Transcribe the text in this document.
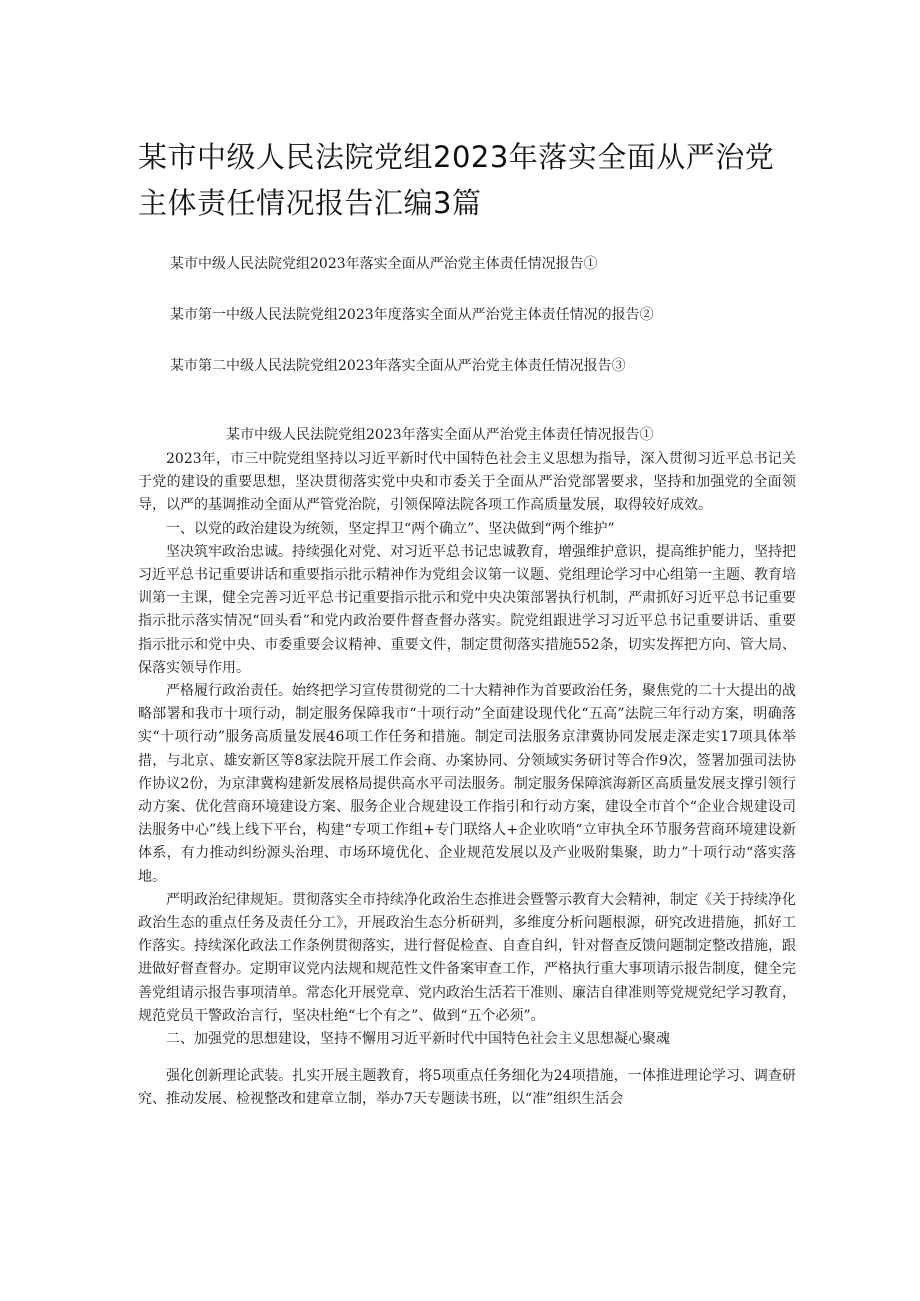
某市中级人民法院党组2023年落实全面从严治党主体责任情况报告汇编3篇
某市中级人民法院党组2023年落实全面从严治党主体责任情况报告①
某市第一中级人民法院党组2023年度落实全面从严治党主体责任情况的报告②
某市第二中级人民法院党组2023年落实全面从严治党主体责任情况报告③

某市中级人民法院党组2023年落实全面从严治党主体责任情况报告①

2023年，市三中院党组坚持以习近平新时代中国特色社会主义思想为指导，深入贯彻习近平总书记关于党的建设的重要思想，坚决贯彻落实党中央和市委关于全面从严治党部署要求，坚持和加强党的全面领导，以严的基调推动全面从严管党治院，引领保障法院各项工作高质量发展，取得较好成效。

一、以党的政治建设为统领，坚定捍卫“两个确立”、坚决做到“两个维护”

坚决筑牢政治忠诚。持续强化对党、对习近平总书记忠诚教育，增强维护意识，提高维护能力，坚持把习近平总书记重要讲话和重要指示批示精神作为党组会议第一议题、党组理论学习中心组第一主题、教育培训第一主课，健全完善习近平总书记重要指示批示和党中央决策部署执行机制，严肃抓好习近平总书记重要指示批示落实情况“回头看”和党内政治要件督查督办落实。院党组跟进学习习近平总书记重要讲话、重要指示批示和党中央、市委重要会议精神、重要文件，制定贯彻落实措施552条，切实发挥把方向、管大局、保落实领导作用。

严格履行政治责任。始终把学习宣传贯彻党的二十大精神作为首要政治任务，聚焦党的二十大提出的战略部署和我市十项行动，制定服务保障我市“十项行动”全面建设现代化“五高”法院三年行动方案，明确落实“十项行动”服务高质量发展46项工作任务和措施。制定司法服务京津冀协同发展走深走实17项具体举措，与北京、雄安新区等8家法院开展工作会商、办案协同、分领域实务研讨等合作9次，签署加强司法协作协议2份，为京津冀构建新发展格局提供高水平司法服务。制定服务保障滨海新区高质量发展支撑引领行动方案、优化营商环境建设方案、服务企业合规建设工作指引和行动方案，建设全市首个“企业合规建设司法服务中心”线上线下平台，构建“专项工作组+专门联络人+企业吹哨“立审执全环节服务营商环境建设新体系，有力推动纠纷源头治理、市场环境优化、企业规范发展以及产业吸附集聚，助力”十项行动“落实落地。

严明政治纪律规矩。贯彻落实全市持续净化政治生态推进会暨警示教育大会精神，制定《关于持续净化政治生态的重点任务及责任分工》，开展政治生态分析研判，多维度分析问题根源，研究改进措施，抓好工作落实。持续深化政法工作条例贯彻落实，进行督促检查、自查自纠，针对督查反馈问题制定整改措施，跟进做好督查督办。定期审议党内法规和规范性文件备案审查工作，严格执行重大事项请示报告制度，健全完善党组请示报告事项清单。常态化开展党章、党内政治生活若干准则、廉洁自律准则等党规党纪学习教育，规范党员干警政治言行，坚决杜绝“七个有之”、做到“五个必须”。

二、加强党的思想建设，坚持不懈用习近平新时代中国特色社会主义思想凝心聚魂

强化创新理论武装。扎实开展主题教育，将5项重点任务细化为24项措施，一体推进理论学习、调查研究、推动发展、检视整改和建章立制，举办7天专题读书班，以“准”组织生活会
